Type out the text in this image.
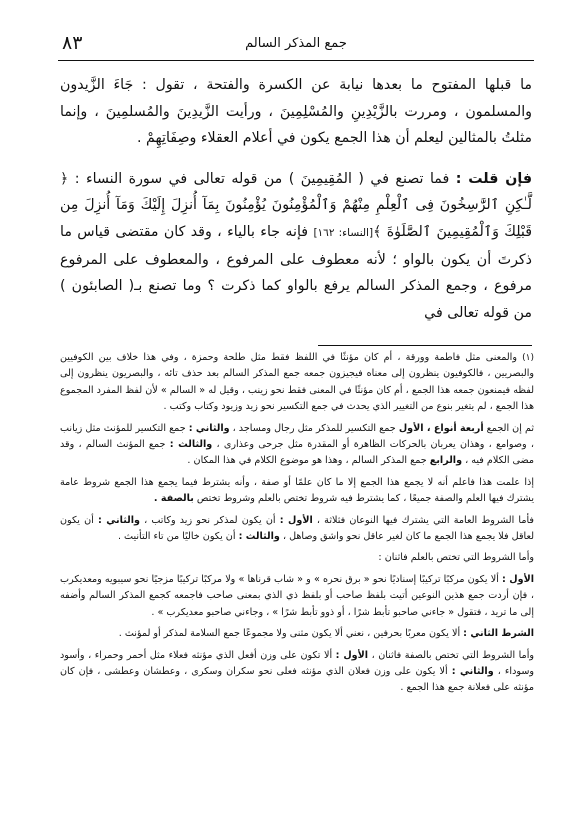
٨٣	جمع المذكر السالم

ما قبلها المفتوح ما بعدها نيابة عن الكسرة والفتحة ، تقول : جَاءَ الزَّيدون والمسلمون ، ومررت بالزَّيْدِينِ والمُسْلِمِينَ ، ورأيت الزَّيدِينَ والمُسلمِينَ ، وإنما مثلتُ بالمثالين ليعلم أن هذا الجمع يكون في أعلام العقلاء وصِفَاتِهِمْ .

فإن قلت : فما تصنع في ( المُقِيمِينَ ) من قوله تعالى في سورة النساء : ﴿ لَّـٰكِنِ ٱلرَّٰسِخُونَ فِى ٱلْعِلْمِ مِنْهُمْ وَٱلْمُؤْمِنُونَ يُؤْمِنُونَ بِمَآ أُنزِلَ إِلَيْكَ وَمَآ أُنزِلَ مِن قَبْلِكَ وَٱلْمُقِيمِينَ ٱلصَّلَوٰةَ ﴾[النساء: ١٦٢] فإنه جاء بالياء ، وقد كان مقتضى قياس ما ذكرتَ أن يكون بالواو ؛ لأنه معطوف على المرفوع ، والمعطوف على المرفوع مرفوع ، وجمع المذكر السالم يرفع بالواو كما ذكرت ؟ وما تصنع بـ( الصابئون ) من قوله تعالى في

(١) والمعنى مثل فاطمة وورقة ، أم كان مؤنثًا في اللفظ فقط مثل طلحة وحمزة ، وفي هذا خلاف بين الكوفيين والبصريين ، فالكوفيون ينظرون إلى معناه فيجيزون جمعه جمع المذكر السالم بعد حذف تائه ، والبصريون ينظرون إلى لفظه فيمنعون جمعه هذا الجمع ، أم كان مؤنثًا في المعنى فقط نحو زينب ، وقيل له « السالم » لأن لفظ المفرد المجموع هذا الجمع ، لم يتغير بنوع من التغيير الذي يحدث في جمع التكسير نحو زيد وزيود وكتاب وكتب .

ثم إن الجمع أربعة أنواع ، الأول جمع التكسير للمذكر مثل رجال ومساجد ، والثاني : جمع التكسير للمؤنث مثل زيانب ، وصوامع ، وهذان يعربان بالحركات الظاهرة أو المقدرة مثل جرحى وعذارى ، والثالث : جمع المؤنث السالم ، وقد مضى الكلام فيه ، والرابع جمع المذكر السالم ، وهذا هو موضوع الكلام في هذا المكان .

إذا علمت هذا فاعلم أنه لا يجمع هذا الجمع إلا ما كان علمًا أو صفة ، وأنه يشترط فيما يجمع هذا الجمع شروط عامة يشترك فيها العلم والصفة جميعًا ، كما يشترط فيه شروط تختص بالعلم وشروط تختص بالصفة .

فأما الشروط العامة التي يشترك فيها النوعان فثلاثة ، الأول : أن يكون لمذكر نحو زيد وكاتب ، والثاني : أن يكون لعاقل فلا يجمع هذا الجمع ما كان لغير عاقل نحو واشق وصاهل ، والثالث : أن يكون خاليًا من تاء التأنيث .

وأما الشروط التي تختص بالعلم فاثنان :

الأول : ألا يكون مركبًا تركيبًا إسناديًا نحو « برق نحره » و « شاب قرناها » ولا مركبًا تركيبًا مزجيًا نحو سيبويه ومعديكرب ، فإن أردت جمع هذين النوعين أتيت بلفظ صاحب أو بلفظ ذي الذي بمعنى صاحب فاجمعه كجمع المذكر السالم وأضفه إلى ما تريد ، فتقول « جاءني صاحبو تأبط شرًا ، أو ذوو تأبط شرًا » ، وجاءني صاحبو معديكرب » .

الشرط الثاني : ألا يكون معربًا بحرفين ، نعني ألا يكون مثنى ولا مجموعًا جمع السلامة لمذكر أو لمؤنث .

وأما الشروط التي تختص بالصفة فاثنان ، الأول : ألا تكون على وزن أفعل الذي مؤنثه فعلاء مثل أحمر وحمراء ، وأسود وسوداء ، والثاني : ألا يكون على وزن فعلان الذي مؤنثه فعلى نحو سكران وسكرى ، وعطشان وعطشى ، فإن كان مؤنثه على فعلانة جمع هذا الجمع .
